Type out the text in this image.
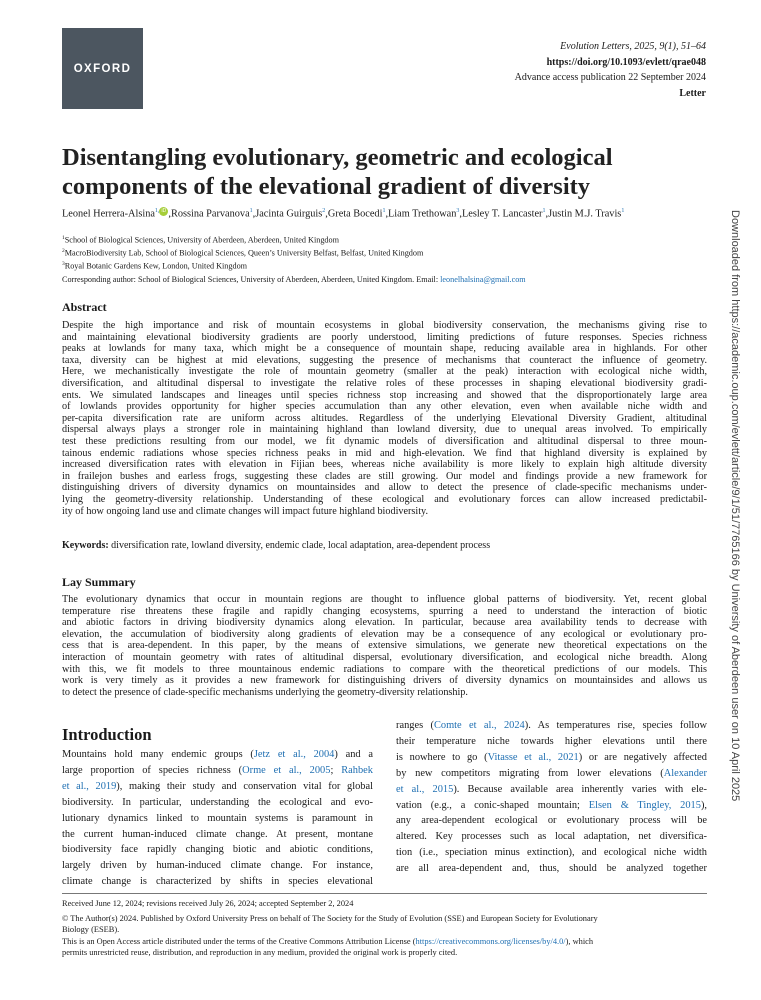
OXFORD
Evolution Letters, 2025, 9(1), 51–64
https://doi.org/10.1093/evlett/qrae048
Advance access publication 22 September 2024
Letter
Disentangling evolutionary, geometric and ecological components of the elevational gradient of diversity
Leonel Herrera-Alsina$^{1,}$ iD ,Rossina Parvanova$^1$,Jacinta Guirguis$^2$,Greta Bocedi$^1$,Liam Trethowan$^3$,Lesley T. Lancaster$^1$,Justin M.J. Travis$^1$
$^1$School of Biological Sciences, University of Aberdeen, Aberdeen, United Kingdom
$^2$MacroBiodiversity Lab, School of Biological Sciences, Queen’s University Belfast, Belfast, United Kingdom
$^3$Royal Botanic Gardens Kew, London, United Kingdom
Corresponding author: School of Biological Sciences, University of Aberdeen, Aberdeen, United Kingdom. Email: leonelhalsina@gmail.com
Abstract
Despite the high importance and risk of mountain ecosystems in global biodiversity conservation, the mechanisms giving rise to
and maintaining elevational biodiversity gradients are poorly understood, limiting predictions of future responses. Species richness
peaks at lowlands for many taxa, which might be a consequence of mountain shape, reducing available area in highlands. For other
taxa, diversity can be highest at mid elevations, suggesting the presence of mechanisms that counteract the influence of geometry.
Here, we mechanistically investigate the role of mountain geometry (smaller at the peak) interaction with ecological niche width,
diversification, and altitudinal dispersal to investigate the relative roles of these processes in shaping elevational biodiversity gradi-
ents. We simulated landscapes and lineages until species richness stop increasing and showed that the disproportionately large area
of lowlands provides opportunity for higher species accumulation than any other elevation, even when available niche width and
per-capita diversification rate are uniform across altitudes. Regardless of the underlying Elevational Diversity Gradient, altitudinal
dispersal always plays a stronger role in maintaining highland than lowland diversity, due to unequal areas involved. To empirically
test these predictions resulting from our model, we fit dynamic models of diversification and altitudinal dispersal to three moun-
tainous endemic radiations whose species richness peaks in mid and high-elevation. We find that highland diversity is explained by
increased diversification rates with elevation in Fijian bees, whereas niche availability is more likely to explain high altitude diversity
in frailejon bushes and earless frogs, suggesting these clades are still growing. Our model and findings provide a new framework for
distinguishing drivers of diversity dynamics on mountainsides and allow to detect the presence of clade-specific mechanisms under-
lying the geometry-diversity relationship. Understanding of these ecological and evolutionary forces can allow increased predictabil-
ity of how ongoing land use and climate changes will impact future highland biodiversity.
Keywords: diversification rate, lowland diversity, endemic clade, local adaptation, area-dependent process
Lay Summary
The evolutionary dynamics that occur in mountain regions are thought to influence global patterns of biodiversity. Yet, recent global
temperature rise threatens these fragile and rapidly changing ecosystems, spurring a need to understand the interaction of biotic
and abiotic factors in driving biodiversity dynamics along elevation. In particular, because area availability tends to decrease with
elevation, the accumulation of biodiversity along gradients of elevation may be a consequence of any ecological or evolutionary pro-
cess that is area-dependent. In this paper, by the means of extensive simulations, we generate new theoretical expectations on the
interaction of mountain geometry with rates of altitudinal dispersal, evolutionary diversification, and ecological niche breadth. Along
with this, we fit models to three mountainous endemic radiations to compare with the theoretical predictions of our models. This
work is very timely as it provides a new framework for distinguishing drivers of diversity dynamics on mountainsides and allows us
to detect the presence of clade-specific mechanisms underlying the geometry-diversity relationship.
Introduction
Mountains hold many endemic groups (Jetz et al., 2004) and a
large proportion of species richness (Orme et al., 2005; Rahbek
et al., 2019), making their study and conservation vital for global
biodiversity. In particular, understanding the ecological and evo-
lutionary dynamics linked to mountain systems is paramount in
the current human-induced climate change. At present, montane
biodiversity face rapidly changing biotic and abiotic conditions,
largely driven by human-induced climate change. For instance,
climate change is characterized by shifts in species elevational
ranges (Comte et al., 2024). As temperatures rise, species follow
their temperature niche towards higher elevations until there
is nowhere to go (Vitasse et al., 2021) or are negatively affected
by new competitors migrating from lower elevations (Alexander
et al., 2015). Because available area inherently varies with ele-
vation (e.g., a conic-shaped mountain; Elsen & Tingley, 2015),
any area-dependent ecological or evolutionary process will be
altered. Key processes such as local adaptation, net diversifica-
tion (i.e., speciation minus extinction), and ecological niche width
are all area-dependent and, thus, should be analyzed together
Received June 12, 2024; revisions received July 26, 2024; accepted September 2, 2024
© The Author(s) 2024. Published by Oxford University Press on behalf of The Society for the Study of Evolution (SSE) and European Society for Evolutionary
Biology (ESEB).
This is an Open Access article distributed under the terms of the Creative Commons Attribution License (https://creativecommons.org/licenses/by/4.0/), which
permits unrestricted reuse, distribution, and reproduction in any medium, provided the original work is properly cited.
Downloaded from https://academic.oup.com/evlett/article/9/1/51/7765166 by University of Aberdeen user on 10 April 2025
